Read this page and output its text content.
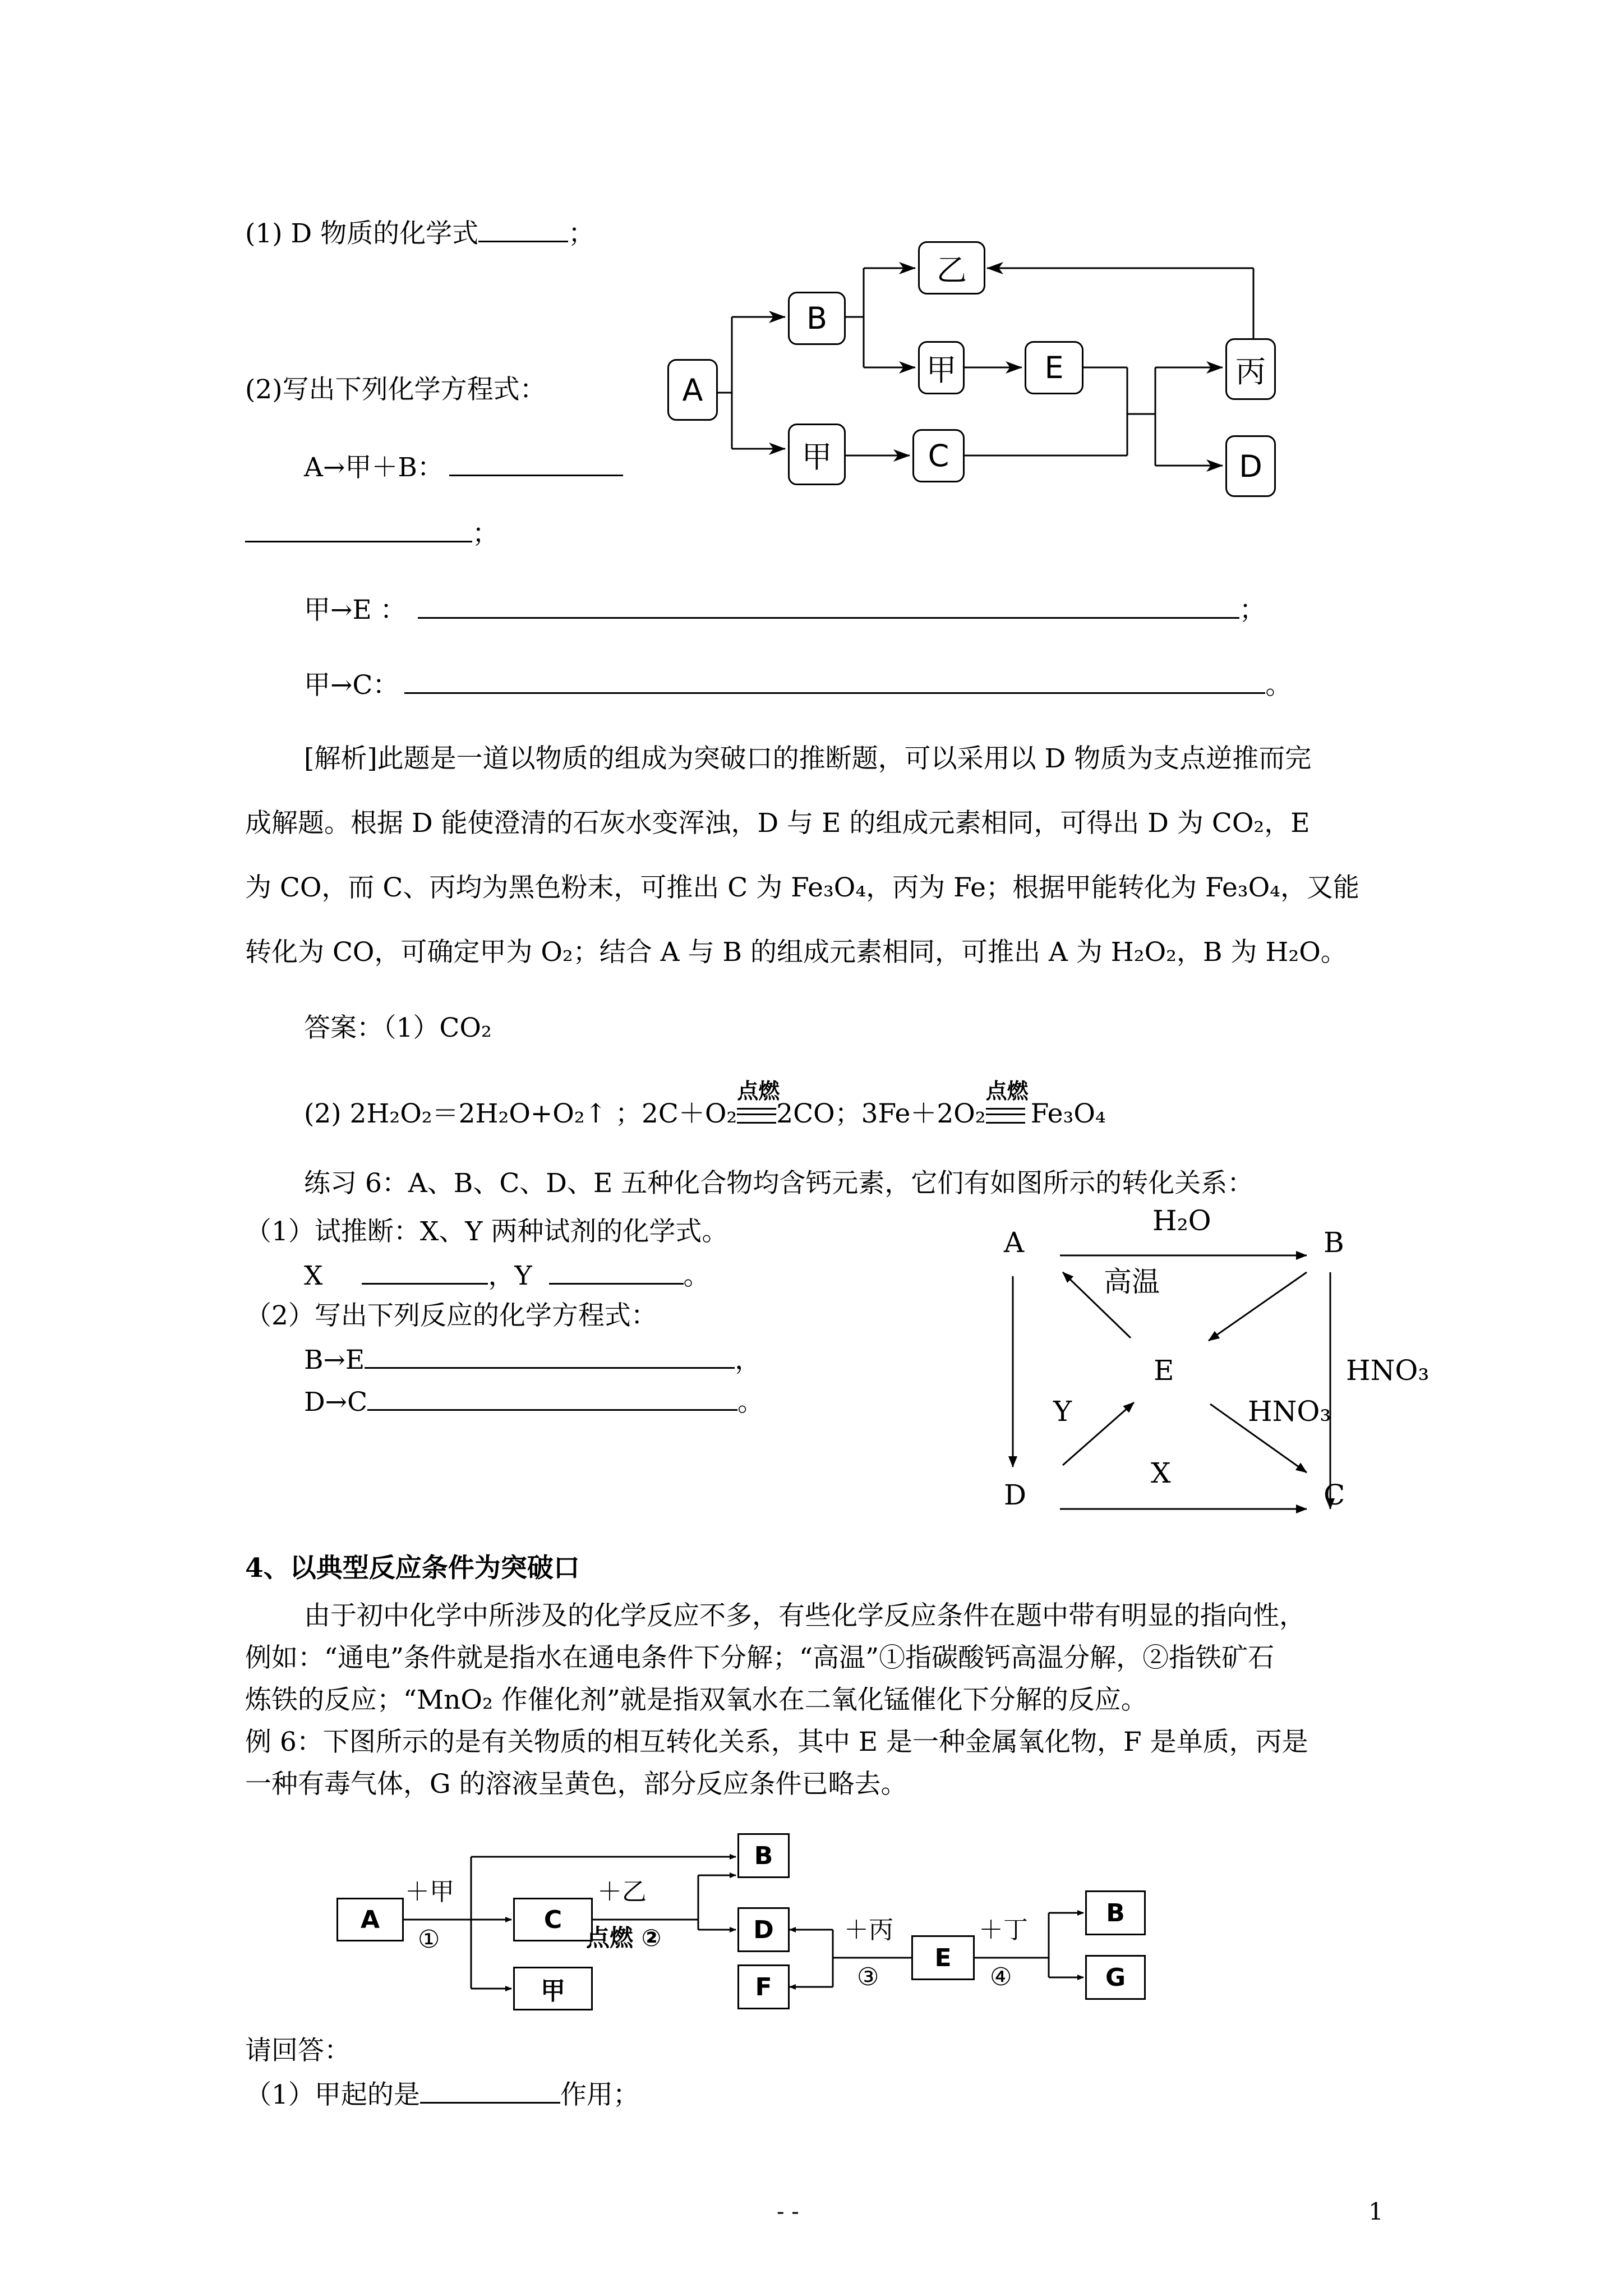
(1) D 物质的化学式	；
(2)写出下列化学方程式：
A→甲＋B：
；
甲→E ：	；
甲→C：	。
A
B
乙
甲	E	丙
甲	C	D
[解析]此题是一道以物质的组成为突破口的推断题，可以采用以 D 物质为支点逆推而完
成解题。根据 D 能使澄清的石灰水变浑浊，D 与 E 的组成元素相同，可得出 D 为 CO₂，E
为 CO，而 C、丙均为黑色粉末，可推出 C 为 Fe₃O₄，丙为 Fe；根据甲能转化为 Fe₃O₄，又能
转化为 CO，可确定甲为 O₂；结合 A 与 B 的组成元素相同，可推出 A 为 H₂O₂，B 为 H₂O。
答案：（1）CO₂
(2) 2H₂O₂＝2H₂O+O₂↑ ；2C＋O₂
点燃
2CO；3Fe＋2O₂
点燃
Fe₃O₄
练习 6：A、B、C、D、E 五种化合物均含钙元素，它们有如图所示的转化关系：
（1）试推断：X、Y 两种试剂的化学式。
X	，Y	。
（2）写出下列反应的化学方程式：
B→E	，
D→C	。
A	B
E
D	C
H₂O
高温
HNO₃
HNO₃
Y
X
4、以典型反应条件为突破口
由于初中化学中所涉及的化学反应不多，有些化学反应条件在题中带有明显的指向性，
例如：“通电”条件就是指水在通电条件下分解；“高温”①指碳酸钙高温分解，②指铁矿石
炼铁的反应；“MnO₂ 作催化剂”就是指双氧水在二氧化锰催化下分解的反应。
例 6：下图所示的是有关物质的相互转化关系，其中 E 是一种金属氧化物，F 是单质，丙是
一种有毒气体，G 的溶液呈黄色，部分反应条件已略去。
A	C
甲
B
D
F
E
B
G
＋甲
①
＋乙
点燃 ②	＋丙
③
＋丁
④
请回答：
（1）甲起的是	作用；
- -	1
